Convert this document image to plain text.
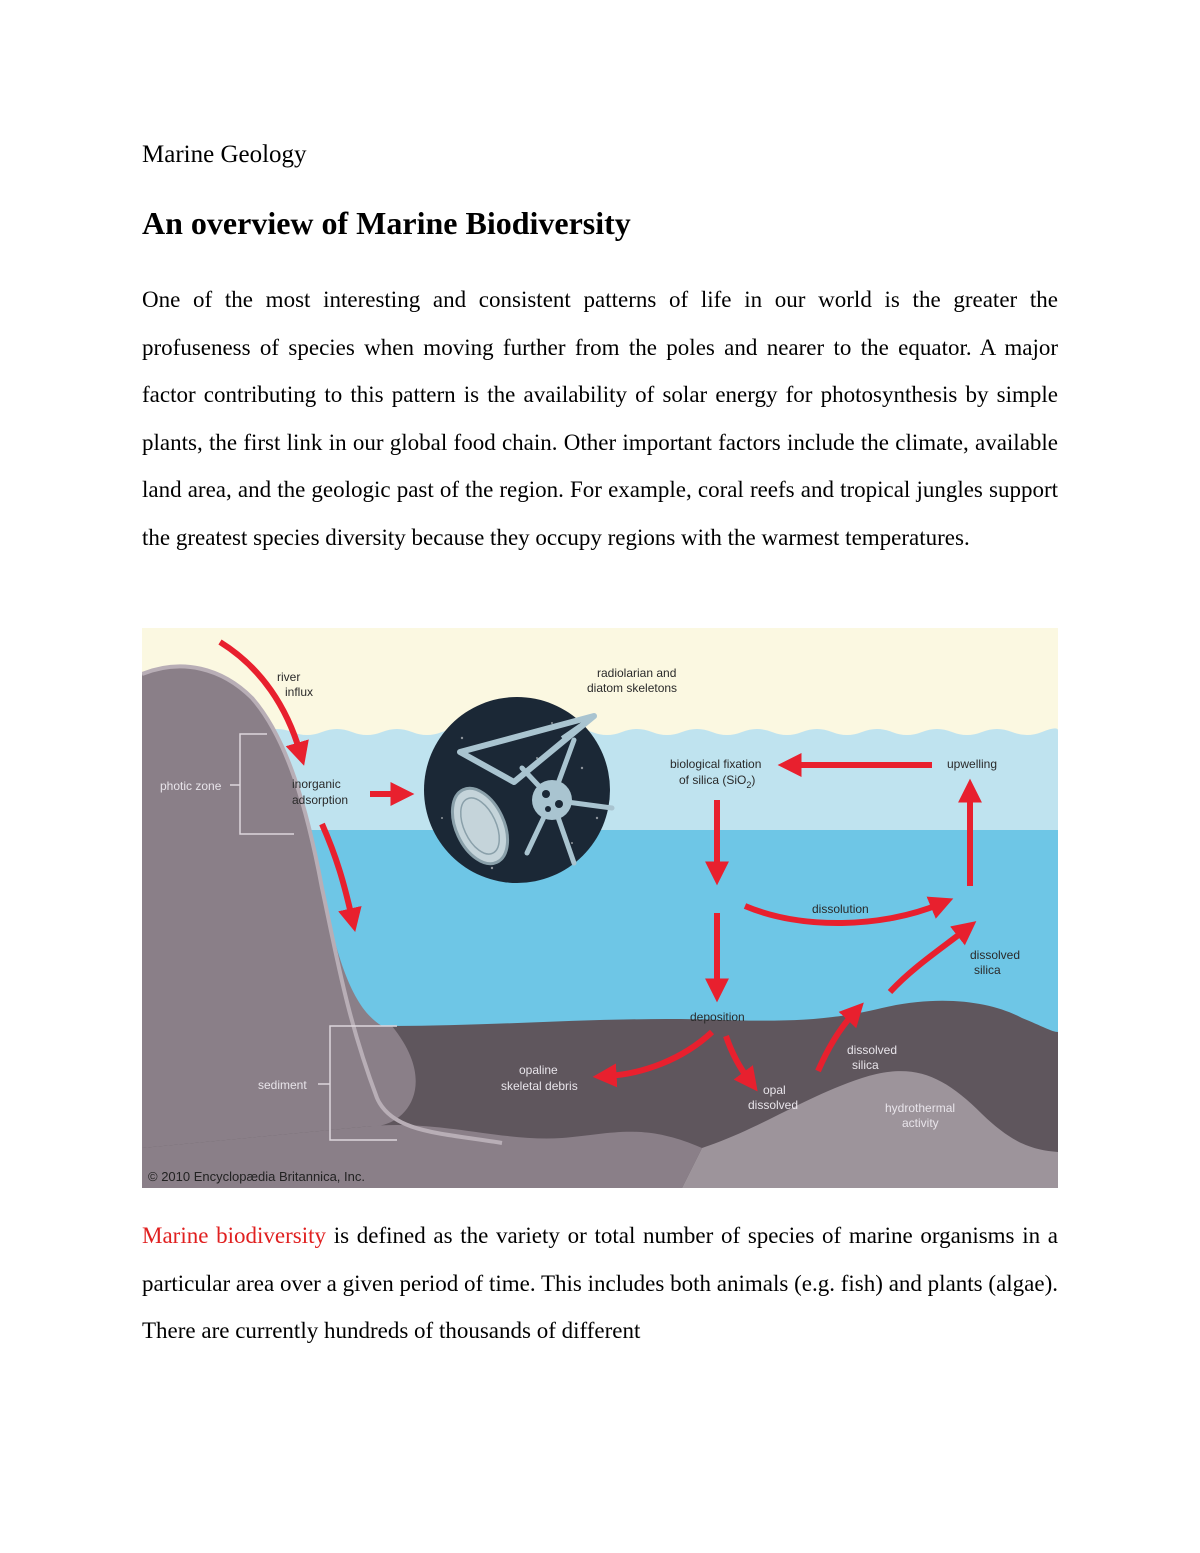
Marine Geology
An overview of Marine Biodiversity

One of the most interesting and consistent patterns of life in our world is the greater the profuseness of species when moving further from the poles and nearer to the equator. A major factor contributing to this pattern is the availability of solar energy for photosynthesis by simple plants, the first link in our global food chain. Other important factors include the climate, available land area, and the geologic past of the region. For example, coral reefs and tropical jungles support the greatest species diversity because they occupy regions with the warmest temperatures.

river
influx
radiolarian and
diatom skeletons
photic zone	inorganic
adsorption
biological fixation
of silica (SiO$_2$)
upwelling
dissolution
dissolved
silica
deposition
dissolved
silica
opaline
skeletal debris	opal
dissolved	hydrothermal
activity
sediment
© 2010 Encyclopædia Britannica, Inc.

Marine biodiversity is defined as the variety or total number of species of marine organisms in a particular area over a given period of time. This includes both animals (e.g. fish) and plants (algae). There are currently hundreds of thousands of different
